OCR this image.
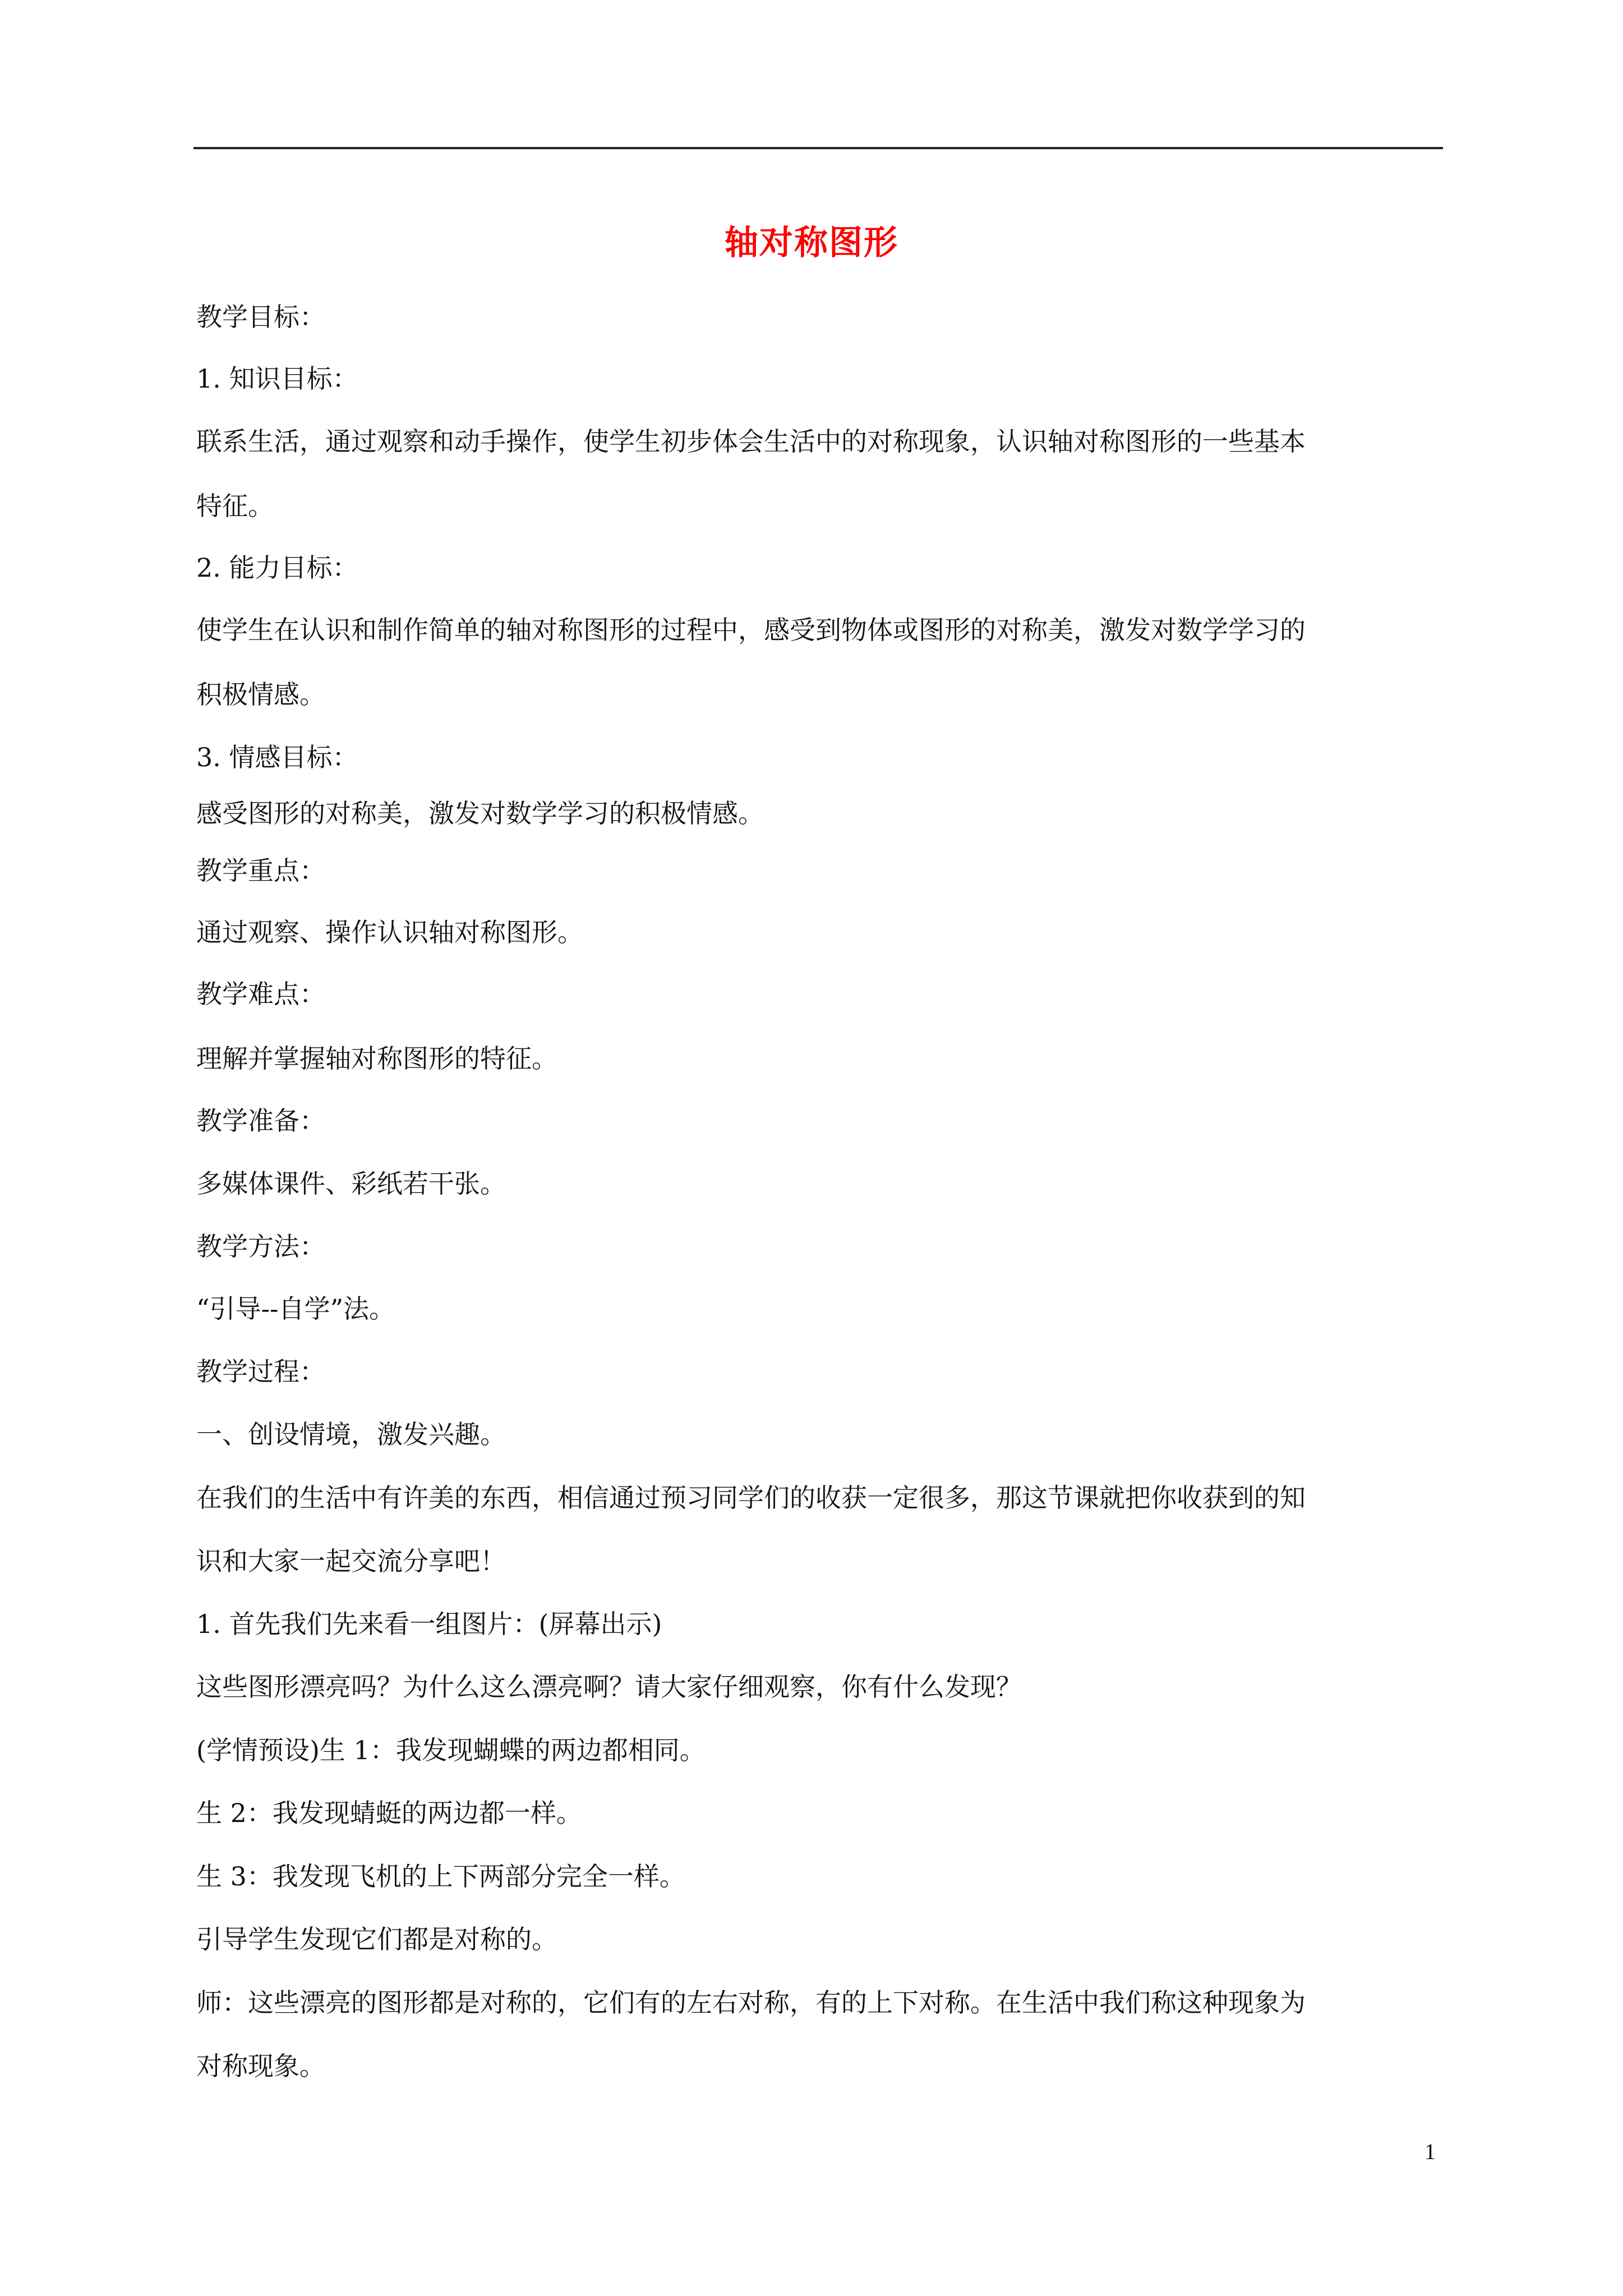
轴对称图形
教学目标：
1. 知识目标：
联系生活，通过观察和动手操作，使学生初步体会生活中的对称现象，认识轴对称图形的一些基本
特征。
2. 能力目标：
使学生在认识和制作简单的轴对称图形的过程中，感受到物体或图形的对称美，激发对数学学习的
积极情感。
3. 情感目标：
感受图形的对称美，激发对数学学习的积极情感。
教学重点：
通过观察、操作认识轴对称图形。
教学难点：
理解并掌握轴对称图形的特征。
教学准备：
多媒体课件、彩纸若干张。
教学方法：
“引导--自学”法。
教学过程：
一、创设情境，激发兴趣。
在我们的生活中有许美的东西，相信通过预习同学们的收获一定很多，那这节课就把你收获到的知
识和大家一起交流分享吧！
1. 首先我们先来看一组图片：(屏幕出示)
这些图形漂亮吗？为什么这么漂亮啊？请大家仔细观察，你有什么发现？
(学情预设)生 1：我发现蝴蝶的两边都相同。
生 2：我发现蜻蜓的两边都一样。
生 3：我发现飞机的上下两部分完全一样。
引导学生发现它们都是对称的。
师：这些漂亮的图形都是对称的，它们有的左右对称，有的上下对称。在生活中我们称这种现象为
对称现象。
1
